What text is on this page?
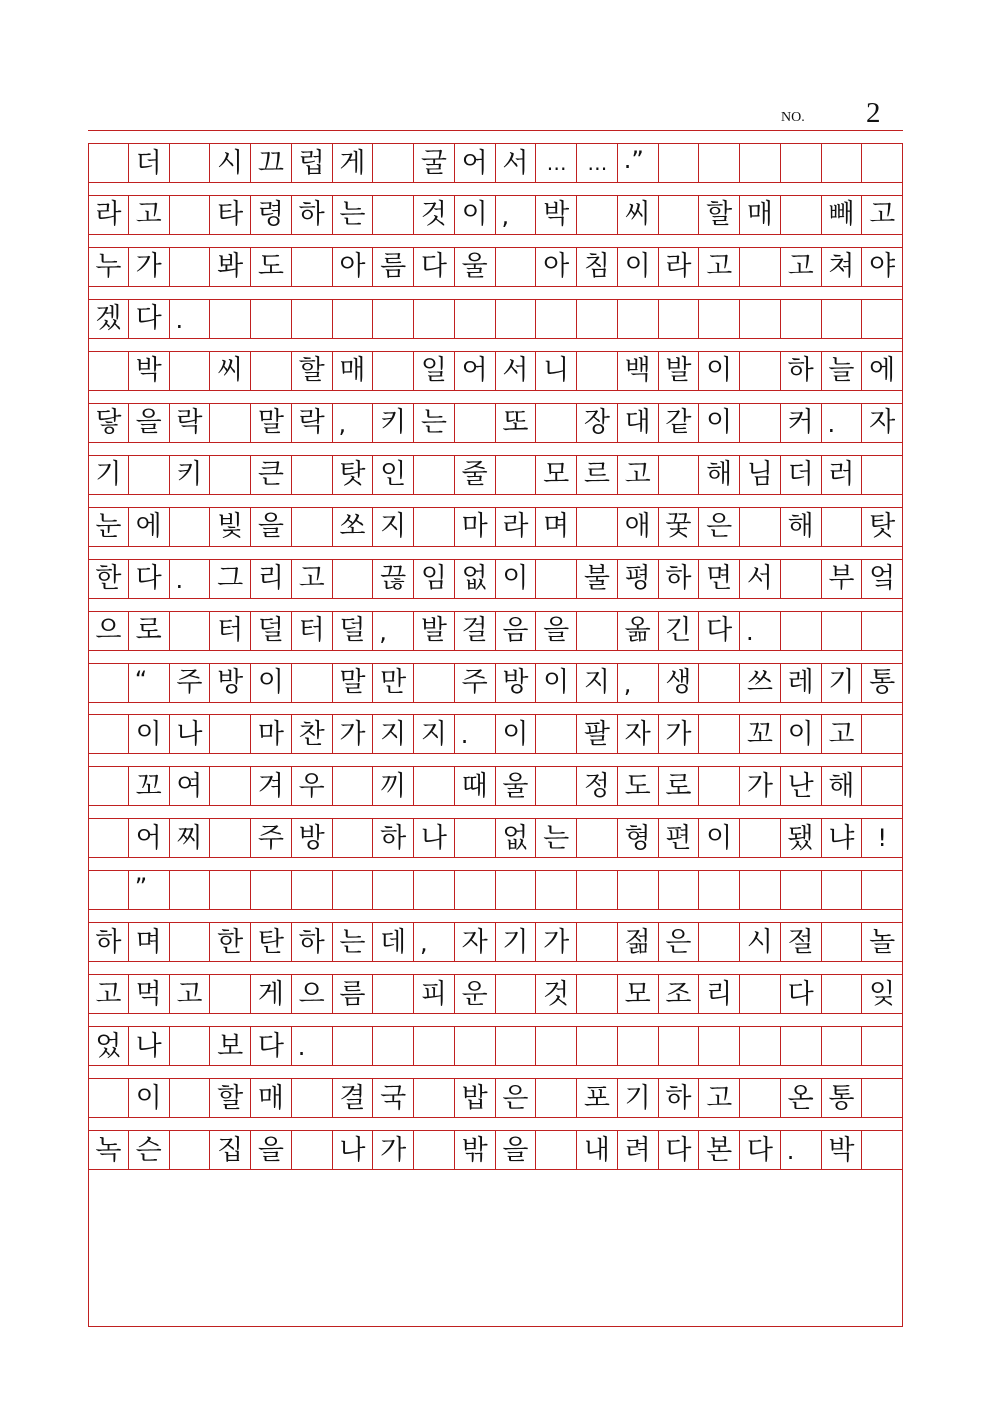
NO. 2
더 시 끄 럽 게 굴 어 서 …	… .”
라 고 타 령 하 는 것 이 ,	박 씨 할 매 빼 고
누 가 봐 도 아 름 다 울 아 침 이 라 고 고 쳐 야
겠 다 .
박 씨 할 매 일 어 서 니 백 발 이 하 늘 에
닿 을 락 말 락 ,	키 는 또 장 대 같 이 커 .	자
기 키 큰 탓 인 줄 모 르 고 해 님 더 러
눈 에 빛 을 쏘 지 마 라 며 애 꿎 은 해 탓
한 다 .	그 리 고 끊 임 없 이 불 평 하 면 서 부 엌
으 로 터 덜 터 덜 ,	발 걸 음 을 옮 긴 다 .
“	주 방 이 말 만 주 방 이 지 ,	생 쓰 레 기 통
이 나 마 찬 가 지 지 .	이 팔 자 가 꼬 이 고
꼬 여 겨 우 끼 때 울 정 도 로 가 난 해
어 찌 주 방 하 나 없 는 형 편 이 됐 냐 !
”
하 며 한 탄 하 는 데 ,	자 기 가 젊 은 시 절 놀
고 먹 고 게 으 름 피 운 것 모 조 리 다 잊
었 나 보 다 .
이 할 매 결 국 밥 은 포 기 하 고 온 통
녹 슨 집 을 나 가 밖 을 내 려 다 본 다 .	박
